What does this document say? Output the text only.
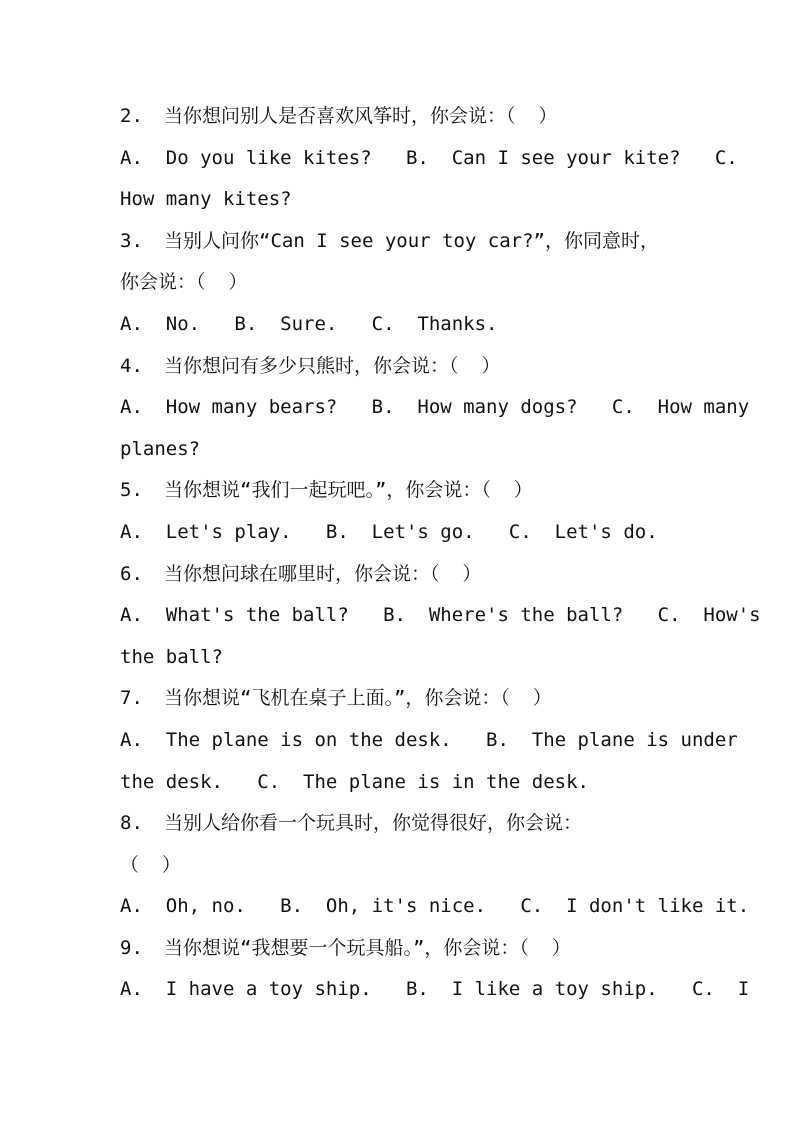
2. 当你想问别人是否喜欢风筝时，你会说：（  ）
A.  Do you like kites?   B.  Can I see your kite?   C.
How many kites?
3. 当别人问你“Can I see your toy car?”，你同意时，
你会说：（  ）
A.  No.   B.  Sure.   C.  Thanks.
4. 当你想问有多少只熊时，你会说：（  ）
A.  How many bears?   B.  How many dogs?   C.  How many
planes?
5. 当你想说“我们一起玩吧。”，你会说：（  ）
A.  Let's play.   B.  Let's go.   C.  Let's do.
6. 当你想问球在哪里时，你会说：（  ）
A.  What's the ball?   B.  Where's the ball?   C.  How's
the ball?
7. 当你想说“飞机在桌子上面。”，你会说：（  ）
A.  The plane is on the desk.   B.  The plane is under
the desk.   C.  The plane is in the desk.
8. 当别人给你看一个玩具时，你觉得很好，你会说：
（  ）
A.  Oh, no.   B.  Oh, it's nice.   C.  I don't like it.
9. 当你想说“我想要一个玩具船。”，你会说：（  ）
A.  I have a toy ship.   B.  I like a toy ship.   C.  I
